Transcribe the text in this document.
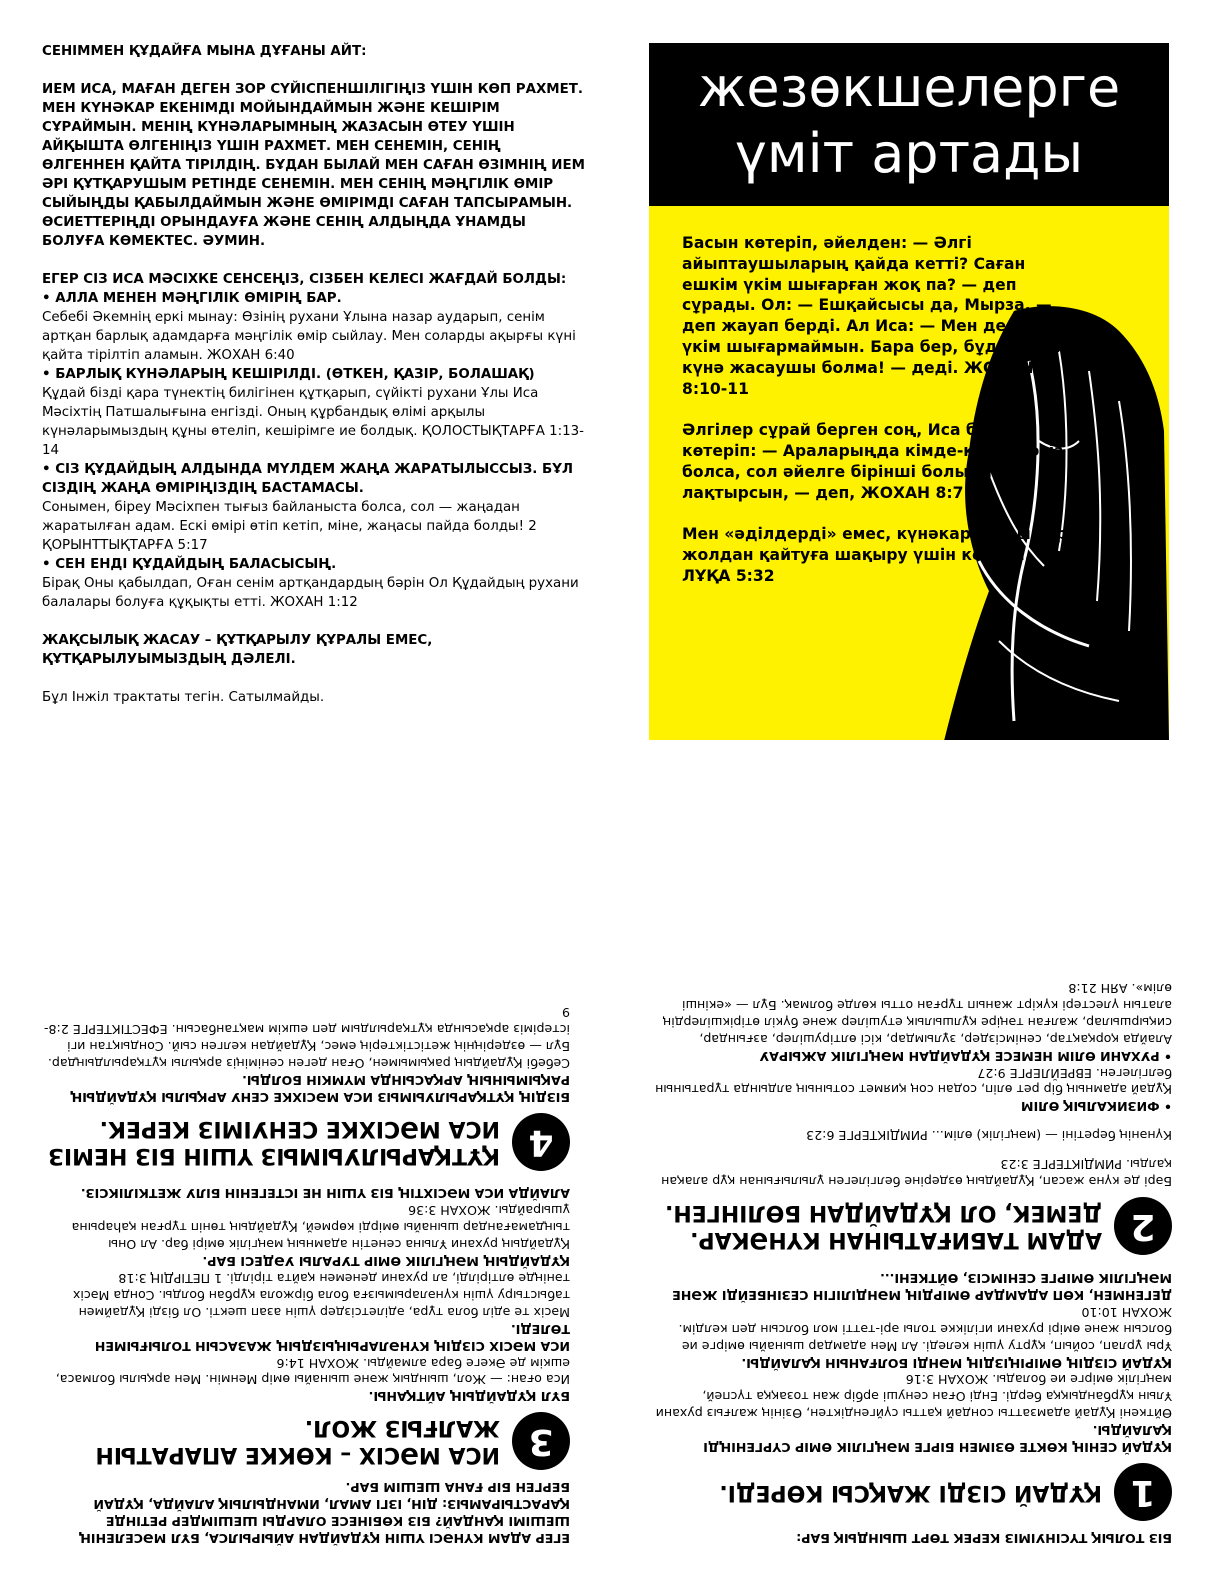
СЕНІММЕН ҚҰДАЙҒА МЫНА ДҰҒАНЫ АЙТ:

ИЕМ ИСА, МАҒАН ДЕГЕН ЗОР СҮЙІСПЕНШІЛІГІҢІЗ ҮШІН КӨП РАХМЕТ. МЕН КҮНӘКАР ЕКЕНІМДІ МОЙЫНДАЙМЫН ЖӘНЕ КЕШІРІМ СҰРАЙМЫН. МЕНІҢ КҮНӘЛАРЫМНЫҢ ЖАЗАСЫН ӨТЕУ ҮШІН АЙҚЫШТА ӨЛГЕНІҢІЗ ҮШІН РАХМЕТ. МЕН СЕНЕМІН, СЕНІҢ ӨЛГЕННЕН ҚАЙТА ТІРІЛДІҢ. БҰДАН БЫЛАЙ МЕН САҒАН ӨЗІМНІҢ ИЕМ ӘРІ ҚҰТҚАРУШЫМ РЕТІНДЕ СЕНЕМІН. МЕН СЕНІҢ МӘҢГІЛІК ӨМІР СЫЙЫҢДЫ ҚАБЫЛДАЙМЫН ЖӘНЕ ӨМІРІМДІ САҒАН ТАПСЫРАМЫН. ӨСИЕТТЕРІҢДІ ОРЫНДАУҒА ЖӘНЕ СЕНІҢ АЛДЫҢДА ҰНАМДЫ БОЛУҒА КӨМЕКТЕС. ӘУМИН.

ЕГЕР СІЗ ИСА МӘСІХКЕ СЕНСЕҢІЗ, СІЗБЕН КЕЛЕСІ ЖАҒДАЙ БОЛДЫ:

• АЛЛА МЕНЕН МӘҢГІЛІК ӨМІРІҢ БАР.

Себебі Әкемнің еркі мынау: Өзінің рухани Ұлына назар аударып, сенім артқан барлық адамдарға мәңгілік өмір сыйлау. Мен соларды ақырғы күні қайта тірілтіп аламын. ЖОХАН 6:40

• БАРЛЫҚ КҮНӘЛАРЫҢ КЕШІРІЛДІ. (ӨТКЕН, ҚАЗІР, БОЛАШАҚ)

Құдай бізді қара түнектің билігінен құтқарып, сүйікті рухани Ұлы Иса Мәсіхтің Патшалығына енгізді. Оның құрбандық өлімі арқылы күнәларымыздың құны өтеліп, кешірімге ие болдық. ҚОЛОСТЫҚТАРҒА 1:13-14

• СІЗ ҚҰДАЙДЫҢ АЛДЫНДА МҮЛДЕМ ЖАҢА ЖАРАТЫЛЫССЫЗ. БҰЛ СІЗДІҢ ЖАҢА ӨМІРІҢІЗДІҢ БАСТАМАСЫ.

Сонымен, біреу Мәсіхпен тығыз байланыста болса, сол — жаңадан жаратылған адам. Ескі өмірі өтіп кетіп, міне, жаңасы пайда болды! 2 ҚОРЫНТТЫҚТАРҒА 5:17

• СЕН ЕНДІ ҚҰДАЙДЫҢ БАЛАСЫСЫҢ.

Бірақ Оны қабылдап, Оған сенім артқандардың бәрін Ол Құдайдың рухани балалары болуға құқықты етті. ЖОХАН 1:12

ЖАҚСЫЛЫҚ ЖАСАУ – ҚҰТҚАРЫЛУ ҚҰРАЛЫ ЕМЕС, ҚҰТҚАРЫЛУЫМЫЗДЫҢ ДӘЛЕЛІ.

Бұл Інжіл трактаты тегін. Сатылмайды.

жезөкшелерге
үміт артады

Басын көтеріп, әйелден: — Әлгі айыптаушыларың қайда кетті? Саған ешкім үкім шығарған жоқ па? — деп сұрады. Ол: — Ешқайсысы да, Мырза, — деп жауап берді. Ал Иса: — Мен де саған үкім шығармаймын. Бара бер, бұдан былай күнә жасаушы болма! — деді. ЖОХАН 8:10-11

Әлгілер сұрай берген соң, Иса басын көтеріп: — Араларыңда кімде-кім күнәсіз болса, сол әйелге бірінші болып тас лақтырсын, — деп, ЖОХАН 8:7

Мен «әділдерді» емес, күнәкарларды теріс жолдан қайтуға шақыру үшін келдім. ЛҰҚА 5:32

ЕГЕР АДАМ КҮНӘСІ ҮШІН ҚҰДАЙДАН АЙЫРЫЛСА, БҰЛ МӘСЕЛЕНІҢ ШЕШІМІ ҚАНДАЙ? БІЗ КӨБІНЕСЕ ОЛАРДЫ ШЕШІМДЕР РЕТІНДЕ ҚАРАСТЫРАМЫЗ: ДІН, ІЗГІ АМАЛ, ИМАНДЫЛЫҚ АЛАЙДА, ҚҰДАЙ БЕРГЕН БІР ҒАНА ШЕШІМ БАР.

3
ИСА МӘСІХ – КӨККЕ АПАРАТЫН ЖАЛҒЫЗ ЖОЛ.

БҰЛ ҚҰДАЙДЫҢ АЙТҚАНЫ.

Иса оған: — Жол, шындық және шынайы өмір Менмін. Мен арқылы болмаса, ешкім де Әкеге бара алмайды. ЖОХАН 14:6

ИСА МӘСІХ СІЗДІҢ КҮНӘЛАРЫҢЫЗДЫҢ ЖАЗАСЫН ТОЛЫҒЫМЕН ТӨЛЕДІ.

Мәсіх те әділ бола тұра, әділетсіздер үшін азап шекті. Ол бізді Құдаймен табыстыру үшін күнәларымызға бола біржола құрбан болды. Сонда Мәсіх тәніңде өлтірілді, ал рухани денемен қайта тірілді. 1 ПЕТІРДІҢ 3:18

ҚҰДАЙДЫҢ МӘҢГІЛІК ӨМІР ТУРАЛЫ УӘДЕСІ БАР.

Құдайдың рухани Ұлына сенетін адамның мәңгілік өмірі бар. Ал Оны тыңдамағандар шынайы өмірді көрмей, Құдайдың төніп тұрған қаһарына ұшырайды. ЖОХАН 3:36

АЛАЙДА ИСА МӘСІХТІҢ БІЗ ҮШІН НЕ ІСТЕГЕНІН БІЛУ ЖЕТКІЛІКСІЗ.

4
ҚҰТҚАРЫЛУЫМЫЗ ҮШІН БІЗ НЕМІЗ ИСА МӘСІХКЕ СЕНУІМІЗ КЕРЕК.

БІЗДІҢ ҚҰТҚАРЫЛУЫМЫЗ ИСА МӘСІХКЕ СЕНУ АРҚЫЛЫ ҚҰДАЙДЫҢ РАҚЫМЫНЫҢ АРҚАСЫНДА МҮМКІН БОЛДЫ.

Себебі Құдайдың рақымымен, Оған деген сеніміңіз арқылы құтқарылдыңдар. Бұл — өздеріңнің жетістіктерің емес, Құдайдан келген сый. Сондықтан игі істеріміз арқасында құтқарылдым деп ешкім мақтанбасын. ЕФЕСТІКТЕРГЕ 2:8-9

БІЗ ТОЛЫҚ ТҮСІНУІМІЗ КЕРЕК ТӨРТ ШЫНДЫҚ БАР:

1
ҚҰДАЙ СІЗДІ ЖАҚСЫ КӨРЕДІ.

ҚҰДАЙ СЕНІҢ КӨКТЕ ӨЗІМЕН БІРГЕ МӘҢГІЛІК ӨМІР СҮРГЕНІҢДІ ҚАЛАЙДЫ.

Өйткені Құдай адамзатты сондай қатты сүйгендіктен, Өзінің жалғыз рухани Ұлын құрбандыққа берді. Енді Оған сенуші әрбір жан тозаққа түспей, мәңгілік өмірге ие болады. ЖОХАН 3:16

ҚҰДАЙ СІЗДІҢ ӨМІРІҢІЗДІҢ МӘНДІ БОЛҒАНЫН ҚАЛАЙДЫ.

Ұры ұрлап, сойып, құрту үшін келеді. Ал Мен адамдар шынайы өмірге ие болсын және өмірі рухани игілікке толы әрі-тәтті мол болсын деп келдім. ЖОХАН 10:10

ДЕГЕНМЕН, КӨП АДАМДАР ӨМІРДІҢ МӘНДІЛІГІН СЕЗІНБЕЙДІ ЖӘНЕ МӘҢГІЛІК ӨМІРГЕ СЕНІМСІЗ, ӨЙТКЕНІ...

2
АДАМ ТАБИҒАТЫНАН КҮНӘКАР. ДЕМЕК, ОЛ ҚҰДАЙДАН БӨЛІНГЕН.

Бәрі де күнә жасап, Құдайдың өздеріне белгілеген ұлылығынан құр алақан қалды. РИМДІКТЕРГЕ 3:23

Күнәнің беретіні — (мәңгілік) өлім... РИМДІКТЕРГЕ 6:23

• ФИЗИКАЛЫҚ ӨЛІМ

Құдай адамның бір рет өліп, содан соң қиямет сотының алдында тұратынын белгілеген. ЕВРЕЙЛЕРГЕ 9:27

• РУХАНИ ӨЛІМ НЕМЕСЕ ҚҰДАЙДАН МӘҢГІЛІК АЖЫРАУ

Алайда қорқақтар, сенімсіздер, зұлымдар, кісі өлтірушілер, азғындар, сиқыршылар, жалған тәңіре құлшылық етушілер және бүкіл өтірікшілердің алатын үлестері күкірт жанып тұрған отты көлде болмақ. Бұл — «екінші өлім». АЯН 21:8
